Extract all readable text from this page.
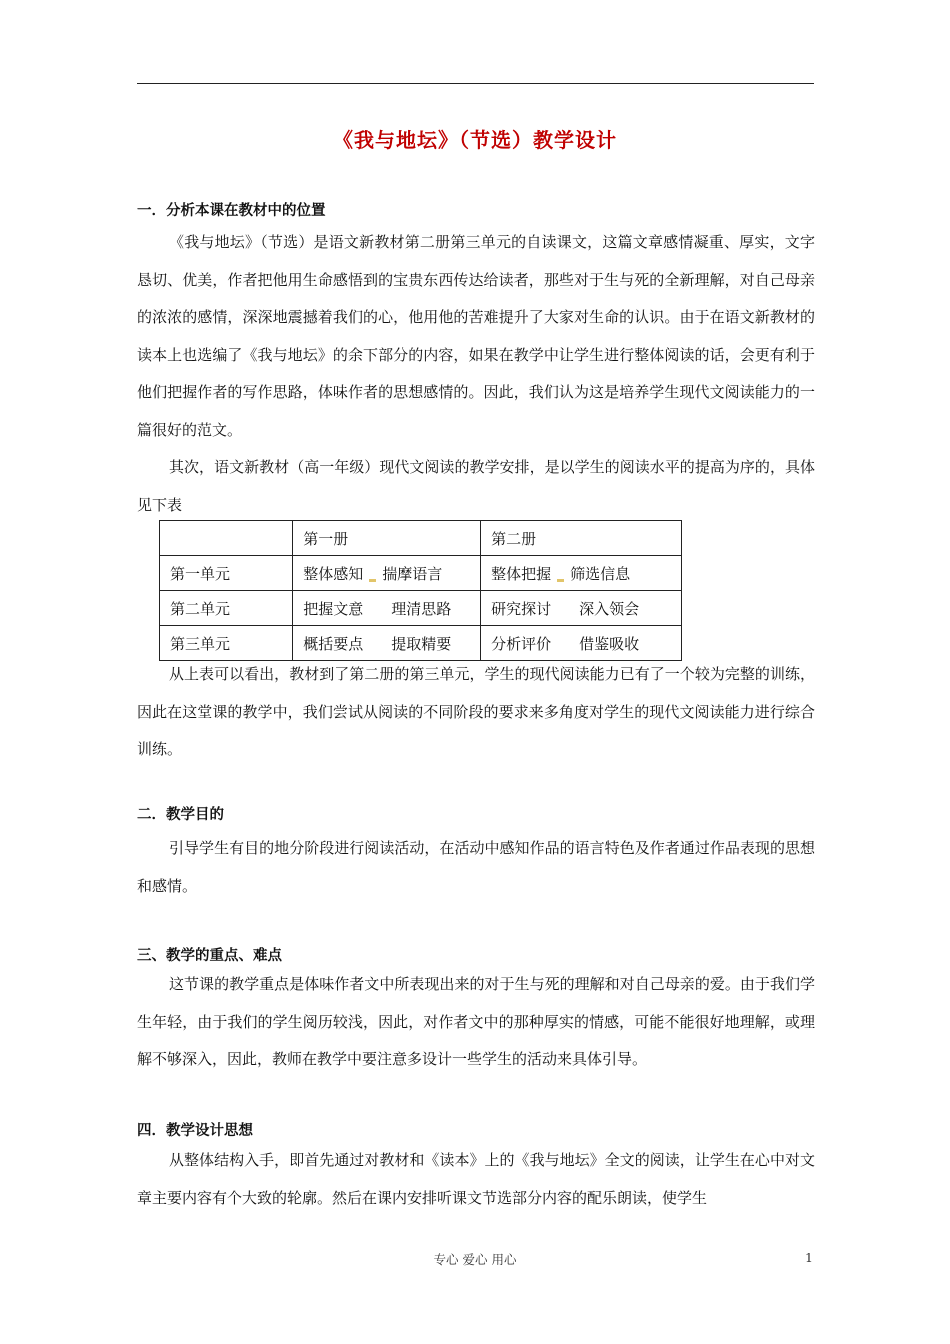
《我与地坛》（节选）教学设计
一．分析本课在教材中的位置
《我与地坛》（节选）是语文新教材第二册第三单元的自读课文，这篇文章感情凝重、厚实，文字恳切、优美，作者把他用生命感悟到的宝贵东西传达给读者，那些对于生与死的全新理解，对自己母亲的浓浓的感情，深深地震撼着我们的心，他用他的苦难提升了大家对生命的认识。由于在语文新教材的读本上也选编了《我与地坛》的余下部分的内容，如果在教学中让学生进行整体阅读的话，会更有利于他们把握作者的写作思路，体味作者的思想感情的。因此，我们认为这是培养学生现代文阅读能力的一篇很好的范文。
其次，语文新教材（高一年级）现代文阅读的教学安排，是以学生的阅读水平的提高为序的，具体见下表
	第一册	第二册
第一单元	整体感知 揣摩语言	整体把握 筛选信息
第二单元	把握文意 理清思路	研究探讨 深入领会
第三单元	概括要点 提取精要	分析评价 借鉴吸收
从上表可以看出，教材到了第二册的第三单元，学生的现代阅读能力已有了一个较为完整的训练，因此在这堂课的教学中，我们尝试从阅读的不同阶段的要求来多角度对学生的现代文阅读能力进行综合训练。
二．教学目的
引导学生有目的地分阶段进行阅读活动，在活动中感知作品的语言特色及作者通过作品表现的思想和感情。
三、教学的重点、难点
这节课的教学重点是体味作者文中所表现出来的对于生与死的理解和对自己母亲的爱。由于我们学生年轻，由于我们的学生阅历较浅，因此，对作者文中的那种厚实的情感，可能不能很好地理解，或理解不够深入，因此，教师在教学中要注意多设计一些学生的活动来具体引导。
四．教学设计思想
从整体结构入手，即首先通过对教材和《读本》上的《我与地坛》全文的阅读，让学生在心中对文章主要内容有个大致的轮廓。然后在课内安排听课文节选部分内容的配乐朗读，使学生
专心 爱心 用心	1
